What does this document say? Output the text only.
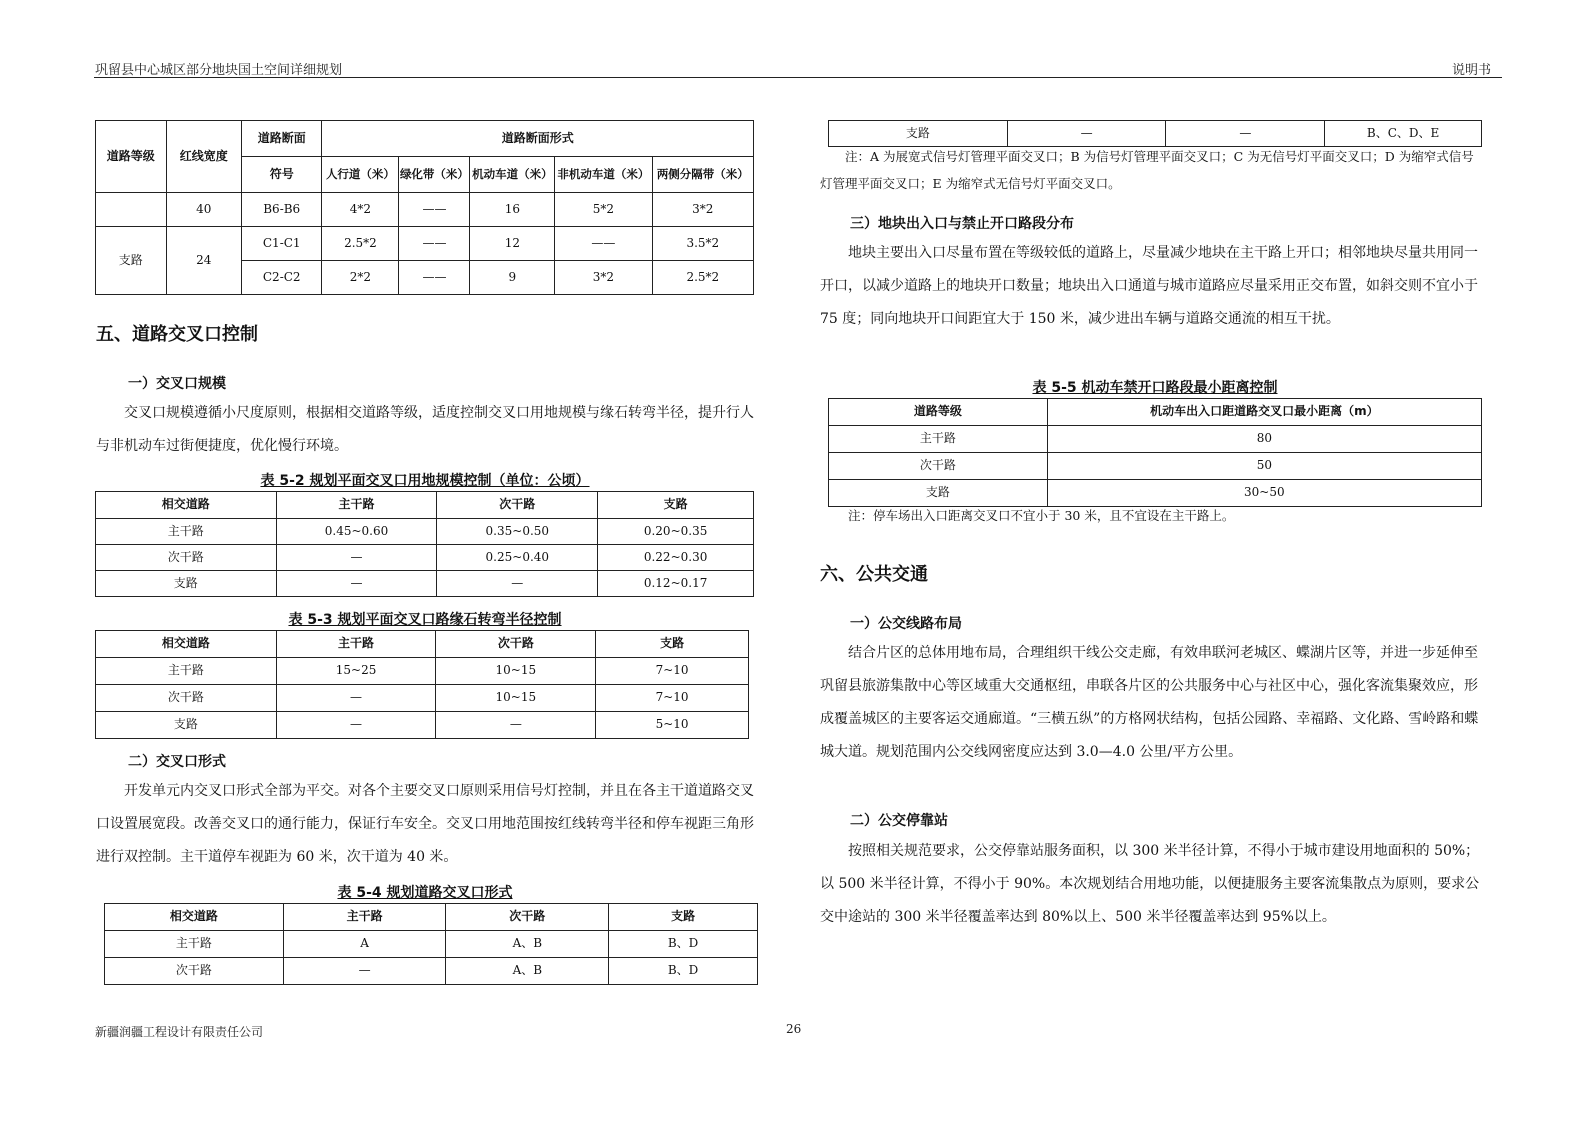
巩留县中心城区部分地块国土空间详细规划	说明书
道路等级	红线宽度	道路断面	道路断面形式				
		符号	人行道（米）	绿化带（米）	机动车道（米）	非机动车道（米）	两侧分隔带（米）
	40	B6-B6	4*2	——	16	5*2	3*2
支路	24	C1-C1	2.5*2	——	12	——	3.5*2
		C2-C2	2*2	——	9	3*2	2.5*2
五、道路交叉口控制
一）交叉口规模
交叉口规模遵循小尺度原则，根据相交道路等级，适度控制交叉口用地规模与缘石转弯半径，提升行人与非机动车过街便捷度，优化慢行环境。
表 5-2 规划平面交叉口用地规模控制（单位：公顷）
相交道路	主干路	次干路	支路
主干路	0.45~0.60	0.35~0.50	0.20~0.35
次干路	—	0.25~0.40	0.22~0.30
支路	—	—	0.12~0.17
表 5-3 规划平面交叉口路缘石转弯半径控制
相交道路	主干路	次干路	支路
主干路	15~25	10~15	7~10
次干路	—	10~15	7~10
支路	—	—	5~10
二）交叉口形式
开发单元内交叉口形式全部为平交。对各个主要交叉口原则采用信号灯控制，并且在各主干道道路交叉口设置展宽段。改善交叉口的通行能力，保证行车安全。交叉口用地范围按红线转弯半径和停车视距三角形进行双控制。主干道停车视距为 60 米，次干道为 40 米。
表 5-4 规划道路交叉口形式
相交道路	主干路	次干路	支路
主干路	A	A、B	B、D
次干路	—	A、B	B、D
新疆润疆工程设计有限责任公司	26
支路	—	—	B、C、D、E
注：A 为展宽式信号灯管理平面交叉口；B 为信号灯管理平面交叉口；C 为无信号灯平面交叉口；D 为缩窄式信号灯管理平面交叉口；E 为缩窄式无信号灯平面交叉口。
三）地块出入口与禁止开口路段分布
地块主要出入口尽量布置在等级较低的道路上，尽量减少地块在主干路上开口；相邻地块尽量共用同一开口，以减少道路上的地块开口数量；地块出入口通道与城市道路应尽量采用正交布置，如斜交则不宜小于 75 度；同向地块开口间距宜大于 150 米，减少进出车辆与道路交通流的相互干扰。
表 5-5 机动车禁开口路段最小距离控制
道路等级	机动车出入口距道路交叉口最小距离（m）
主干路	80
次干路	50
支路	30~50
注：停车场出入口距离交叉口不宜小于 30 米，且不宜设在主干路上。
六、公共交通
一）公交线路布局
结合片区的总体用地布局，合理组织干线公交走廊，有效串联河老城区、蝶湖片区等，并进一步延伸至巩留县旅游集散中心等区域重大交通枢纽，串联各片区的公共服务中心与社区中心，强化客流集聚效应，形成覆盖城区的主要客运交通廊道。“三横五纵”的方格网状结构，包括公园路、幸福路、文化路、雪岭路和蝶城大道。规划范围内公交线网密度应达到 3.0—4.0 公里/平方公里。
二）公交停靠站
按照相关规范要求，公交停靠站服务面积，以 300 米半径计算，不得小于城市建设用地面积的 50%；以 500 米半径计算，不得小于 90%。本次规划结合用地功能，以便捷服务主要客流集散点为原则，要求公交中途站的 300 米半径覆盖率达到 80%以上、500 米半径覆盖率达到 95%以上。
